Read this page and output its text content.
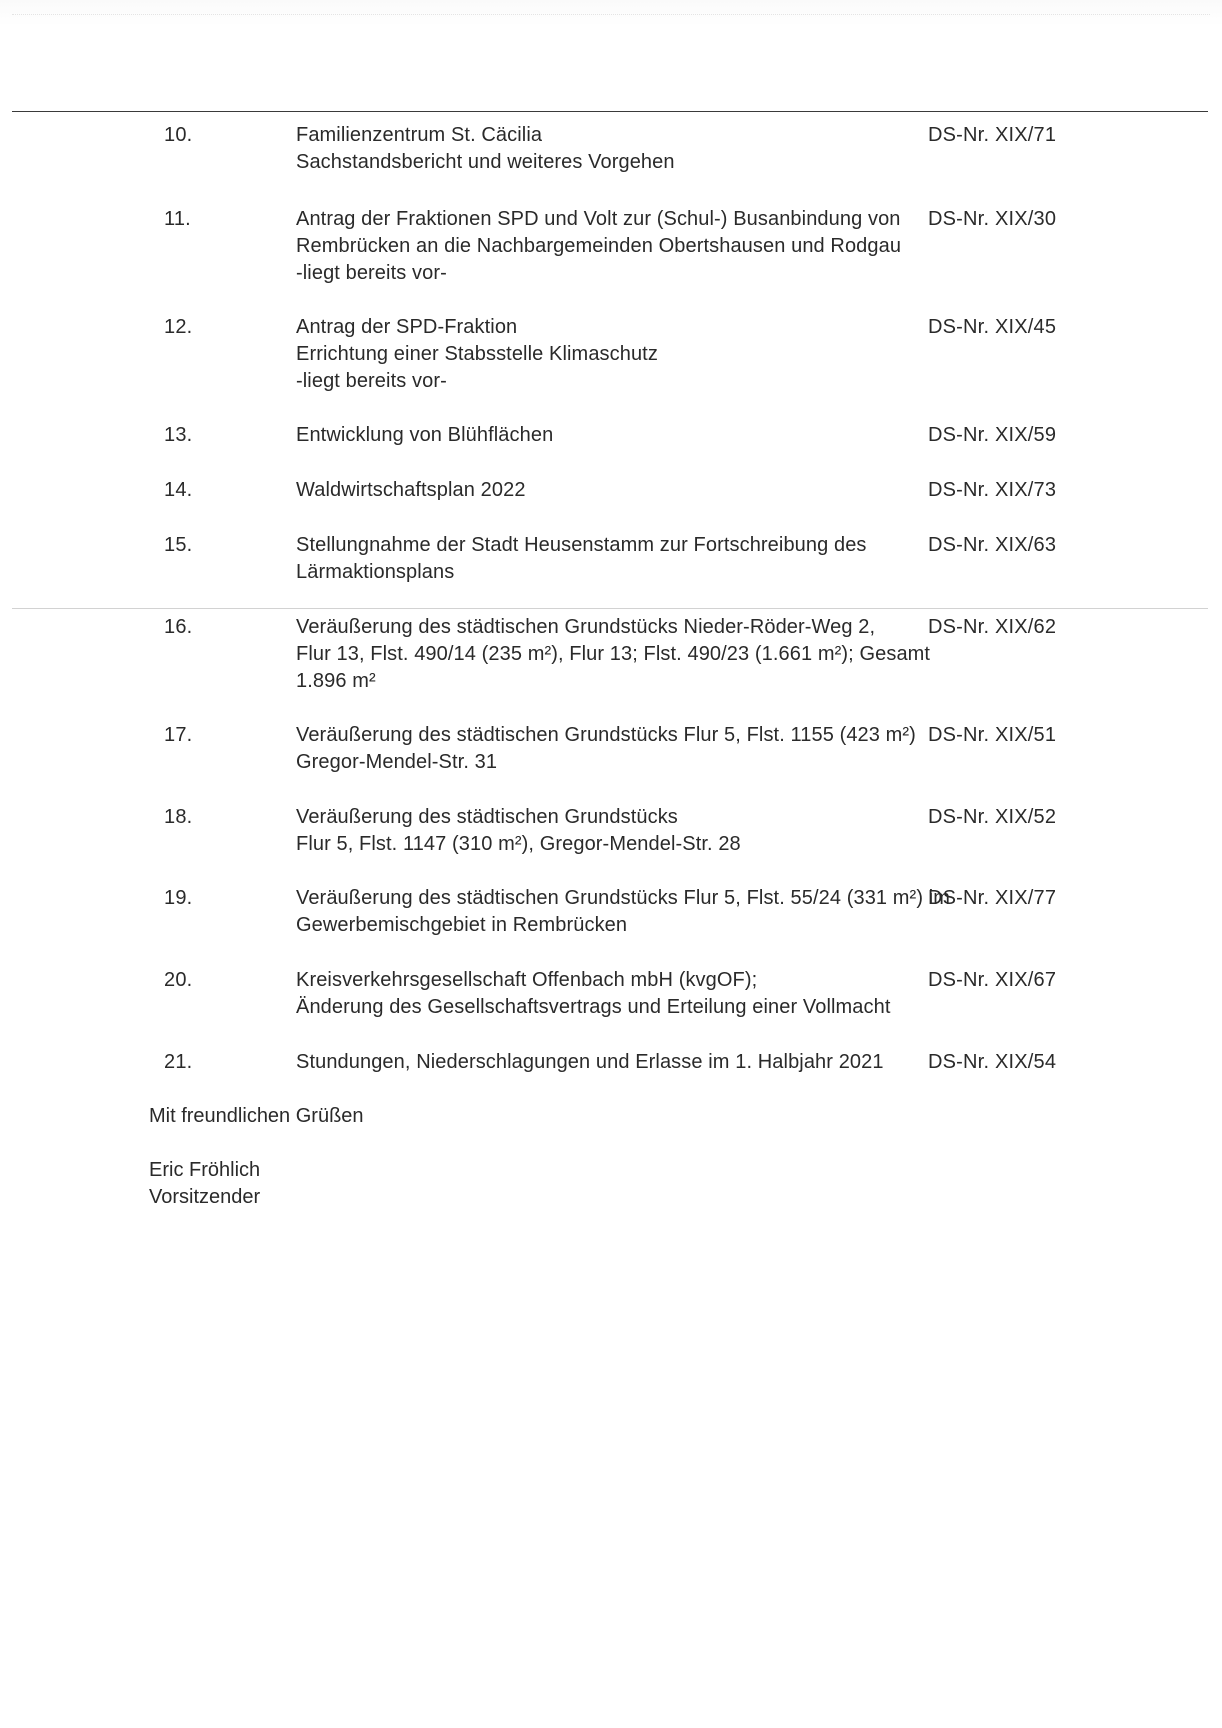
10.	Familienzentrum St. Cäcilia
Sachstandsbericht und weiteres Vorgehen
DS-Nr. XIX/71
11.	Antrag der Fraktionen SPD und Volt zur (Schul-) Busanbindung von
Rembrücken an die Nachbargemeinden Obertshausen und Rodgau
-liegt bereits vor-
DS-Nr. XIX/30
12.	Antrag der SPD-Fraktion
Errichtung einer Stabsstelle Klimaschutz
-liegt bereits vor-
DS-Nr. XIX/45
13.	Entwicklung von Blühflächen	DS-Nr. XIX/59
14.	Waldwirtschaftsplan 2022	DS-Nr. XIX/73
15.	Stellungnahme der Stadt Heusenstamm zur Fortschreibung des
Lärmaktionsplans
DS-Nr. XIX/63
16.	Veräußerung des städtischen Grundstücks Nieder-Röder-Weg 2,
Flur 13, Flst. 490/14 (235 m²), Flur 13; Flst. 490/23 (1.661 m²); Gesamt
1.896 m²
DS-Nr. XIX/62
17.	Veräußerung des städtischen Grundstücks Flur 5, Flst. 1155 (423 m²)
Gregor-Mendel-Str. 31
DS-Nr. XIX/51
18.	Veräußerung des städtischen Grundstücks
Flur 5, Flst. 1147 (310 m²), Gregor-Mendel-Str. 28
DS-Nr. XIX/52
19.	Veräußerung des städtischen Grundstücks Flur 5, Flst. 55/24 (331 m²) im
Gewerbemischgebiet in Rembrücken
DS-Nr. XIX/77
20.	Kreisverkehrsgesellschaft Offenbach mbH (kvgOF);
Änderung des Gesellschaftsvertrags und Erteilung einer Vollmacht
DS-Nr. XIX/67
21.	Stundungen, Niederschlagungen und Erlasse im 1. Halbjahr 2021	DS-Nr. XIX/54
Mit freundlichen Grüßen
Eric Fröhlich
Vorsitzender
